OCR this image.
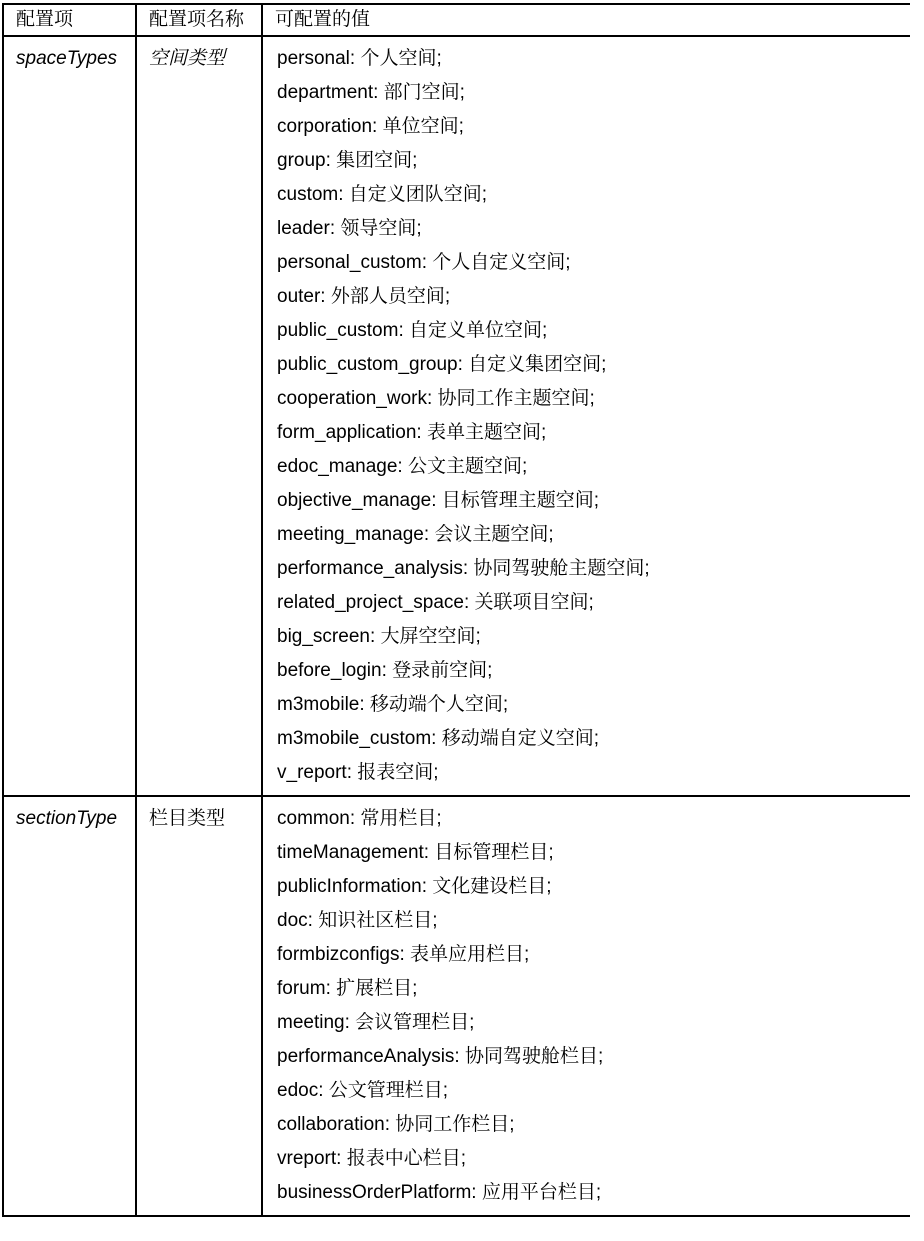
配置项	配置项名称	可配置的值
spaceTypes	空间类型	personal: 个人空间;
department: 部门空间;
corporation: 单位空间;
group: 集团空间;
custom: 自定义团队空间;
leader: 领导空间;
personal_custom: 个人自定义空间;
outer: 外部人员空间;
public_custom: 自定义单位空间;
public_custom_group: 自定义集团空间;
cooperation_work: 协同工作主题空间;
form_application: 表单主题空间;
edoc_manage: 公文主题空间;
objective_manage: 目标管理主题空间;
meeting_manage: 会议主题空间;
performance_analysis: 协同驾驶舱主题空间;
related_project_space: 关联项目空间;
big_screen: 大屏空空间;
before_login: 登录前空间;
m3mobile: 移动端个人空间;
m3mobile_custom: 移动端自定义空间;
v_report: 报表空间;

sectionType	栏目类型	common: 常用栏目;
timeManagement: 目标管理栏目;
publicInformation: 文化建设栏目;
doc: 知识社区栏目;
formbizconfigs: 表单应用栏目;
forum: 扩展栏目;
meeting: 会议管理栏目;
performanceAnalysis: 协同驾驶舱栏目;
edoc: 公文管理栏目;
collaboration: 协同工作栏目;
vreport: 报表中心栏目;
businessOrderPlatform: 应用平台栏目;
